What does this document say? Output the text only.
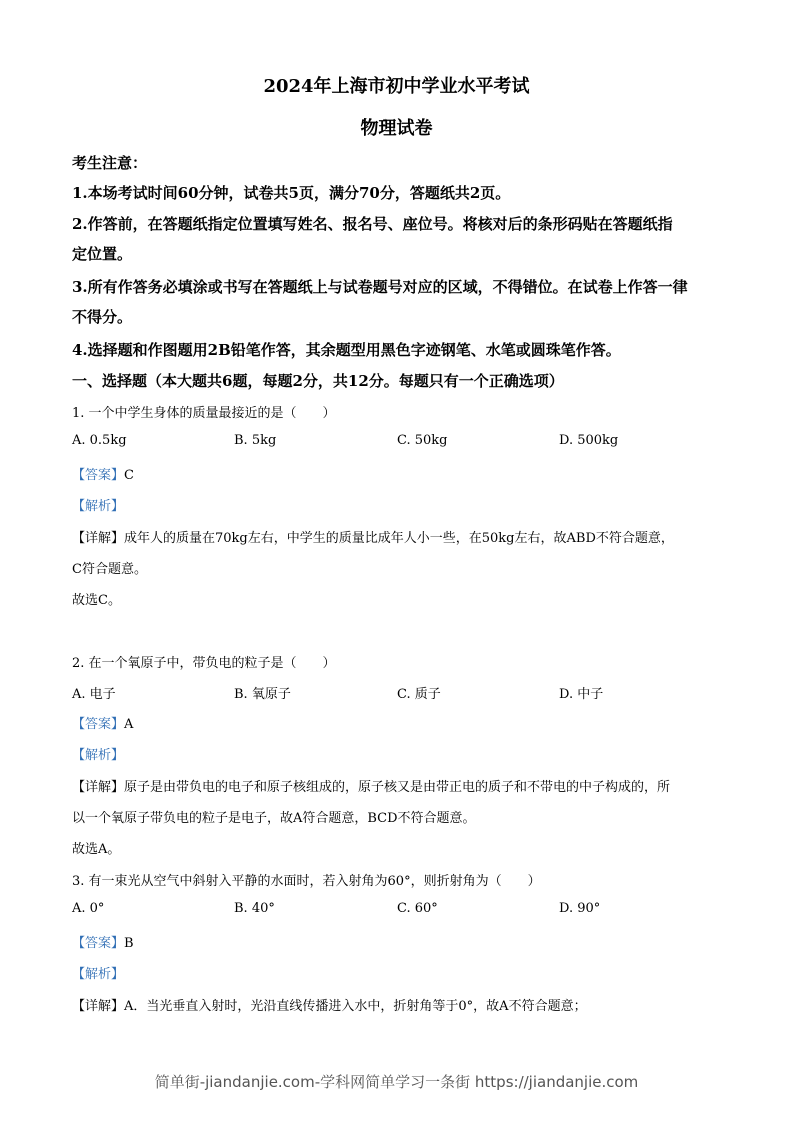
2024年上海市初中学业水平考试
物理试卷
考生注意：
1.本场考试时间60分钟，试卷共5页，满分70分，答题纸共2页。
2.作答前，在答题纸指定位置填写姓名、报名号、座位号。将核对后的条形码贴在答题纸指
定位置。
3.所有作答务必填涂或书写在答题纸上与试卷题号对应的区域，不得错位。在试卷上作答一律
不得分。
4.选择题和作图题用2B铅笔作答，其余题型用黑色字迹钢笔、水笔或圆珠笔作答。
一、选择题（本大题共6题，每题2分，共12分。每题只有一个正确选项）
1. 一个中学生身体的质量最接近的是（　　）
A. 0.5kg	B. 5kg	C. 50kg	D. 500kg
【答案】C
【解析】
【详解】成年人的质量在70kg左右，中学生的质量比成年人小一些，在50kg左右，故ABD不符合题意，
C符合题意。
故选C。
2. 在一个氧原子中，带负电的粒子是（　　）
A. 电子	B. 氧原子	C. 质子	D. 中子
【答案】A
【解析】
【详解】原子是由带负电的电子和原子核组成的，原子核又是由带正电的质子和不带电的中子构成的，所
以一个氧原子带负电的粒子是电子，故A符合题意，BCD不符合题意。
故选A。
3. 有一束光从空气中斜射入平静的水面时，若入射角为60°，则折射角为（　　）
A. 0°	B. 40°	C. 60°	D. 90°
【答案】B
【解析】
【详解】A．当光垂直入射时，光沿直线传播进入水中，折射角等于0°，故A不符合题意；
简单街-jiandanjie.com-学科网简单学习一条街 https://jiandanjie.com
